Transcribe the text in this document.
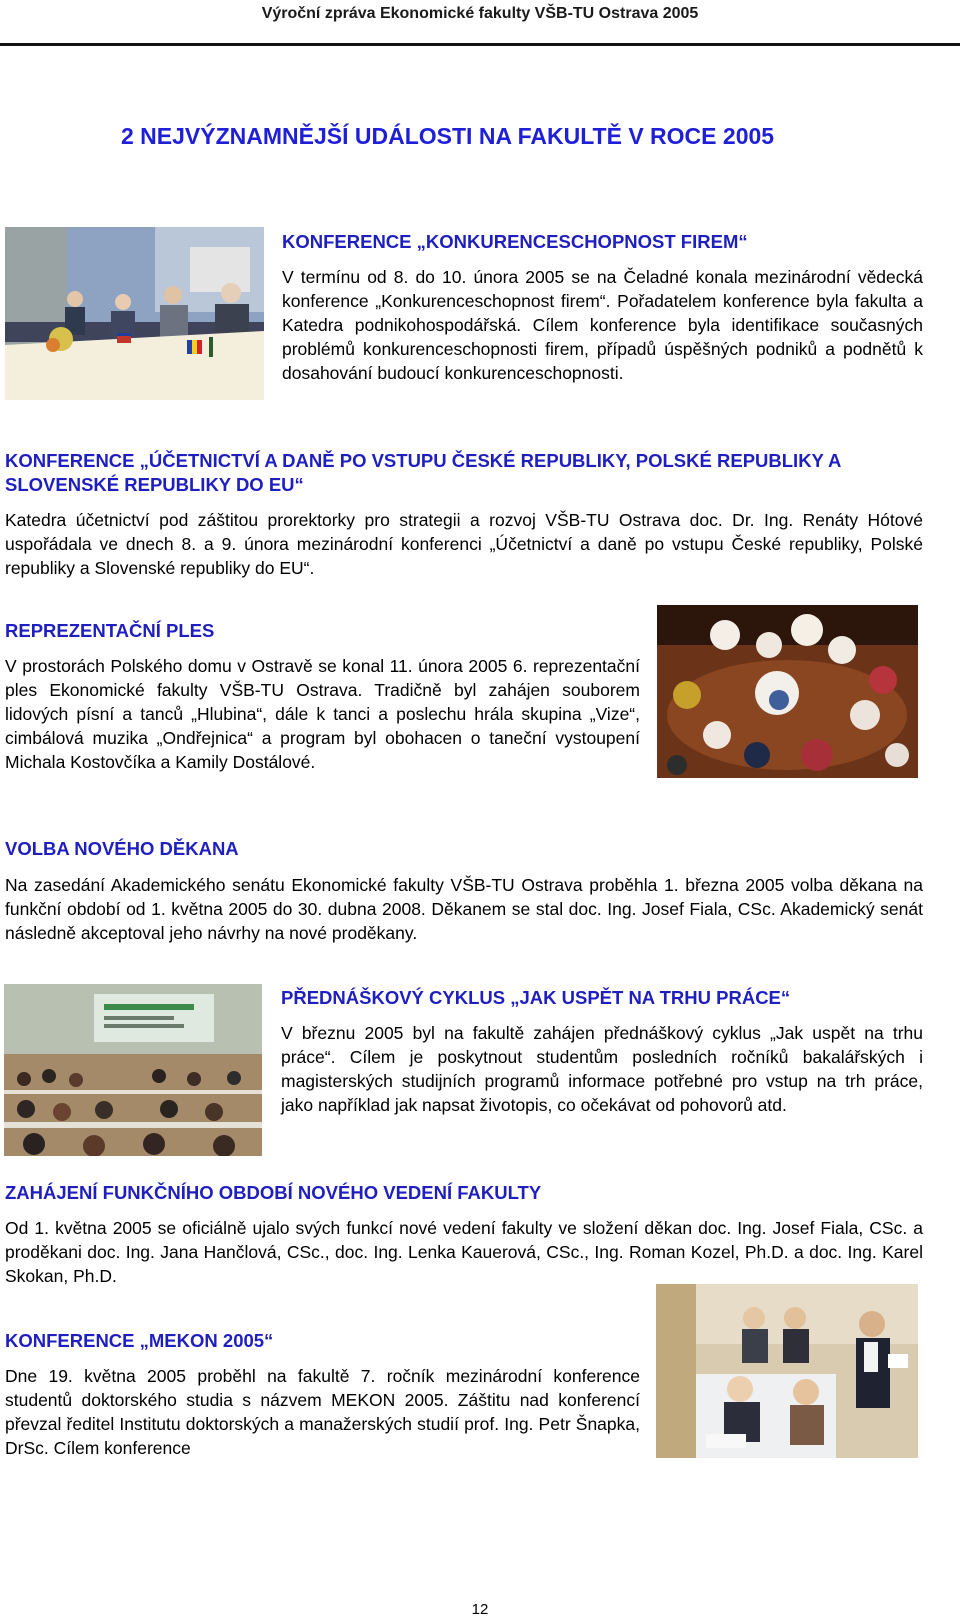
Výroční zpráva Ekonomické fakulty VŠB-TU Ostrava 2005
2 NEJVÝZNAMNĚJŠÍ UDÁLOSTI NA FAKULTĚ V ROCE 2005
KONFERENCE „KONKURENCESCHOPNOST FIREM“
V termínu od 8. do 10. února 2005 se na Čeladné konala mezinárodní vědecká konference „Konkurenceschopnost firem“. Pořadatelem konference byla fakulta a Katedra podnikohospodářská. Cílem konference byla identifikace současných problémů konkurenceschopnosti firem, případů úspěšných podniků a podnětů k dosahování budoucí konkurenceschopnosti.
KONFERENCE „ÚČETNICTVÍ A DANĚ PO VSTUPU ČESKÉ REPUBLIKY, POLSKÉ REPUBLIKY A SLOVENSKÉ REPUBLIKY DO EU“
Katedra účetnictví pod záštitou prorektorky pro strategii a rozvoj VŠB-TU Ostrava doc. Dr. Ing. Renáty Hótové uspořádala ve dnech 8. a 9. února mezinárodní konferenci „Účetnictví a daně po vstupu České republiky, Polské republiky a Slovenské republiky do EU“.
REPREZENTAČNÍ PLES
V prostorách Polského domu v Ostravě se konal 11. února 2005 6. reprezentační ples Ekonomické fakulty VŠB-TU Ostrava. Tradičně byl zahájen souborem lidových písní a tanců „Hlubina“, dále k tanci a poslechu hrála skupina „Vize“, cimbálová muzika „Ondřejnica“ a program byl obohacen o taneční vystoupení Michala Kostovčíka a Kamily Dostálové.
VOLBA NOVÉHO DĚKANA
Na zasedání Akademického senátu Ekonomické fakulty VŠB-TU Ostrava proběhla 1. března 2005 volba děkana na funkční období od 1. května 2005 do 30. dubna 2008. Děkanem se stal doc. Ing. Josef Fiala, CSc. Akademický senát následně akceptoval jeho návrhy na nové proděkany.
PŘEDNÁŠKOVÝ CYKLUS „JAK USPĚT NA TRHU PRÁCE“
V březnu 2005 byl na fakultě zahájen přednáškový cyklus „Jak uspět na trhu práce“. Cílem je poskytnout studentům posledních ročníků bakalářských i magisterských studijních programů informace potřebné pro vstup na trh práce, jako například jak napsat životopis, co očekávat od pohovorů atd.
ZAHÁJENÍ FUNKČNÍHO OBDOBÍ NOVÉHO VEDENÍ FAKULTY
Od 1. května 2005 se oficiálně ujalo svých funkcí nové vedení fakulty ve složení děkan doc. Ing. Josef Fiala, CSc. a proděkani doc. Ing. Jana Hančlová, CSc., doc. Ing. Lenka Kauerová, CSc., Ing. Roman Kozel, Ph.D. a doc. Ing. Karel Skokan, Ph.D.
KONFERENCE „MEKON 2005“
Dne 19. května 2005 proběhl na fakultě 7. ročník mezinárodní konference studentů doktorského studia s názvem MEKON 2005. Záštitu nad konferencí převzal ředitel Institutu doktorských a manažerských studií prof. Ing. Petr Šnapka, DrSc. Cílem konference
12
